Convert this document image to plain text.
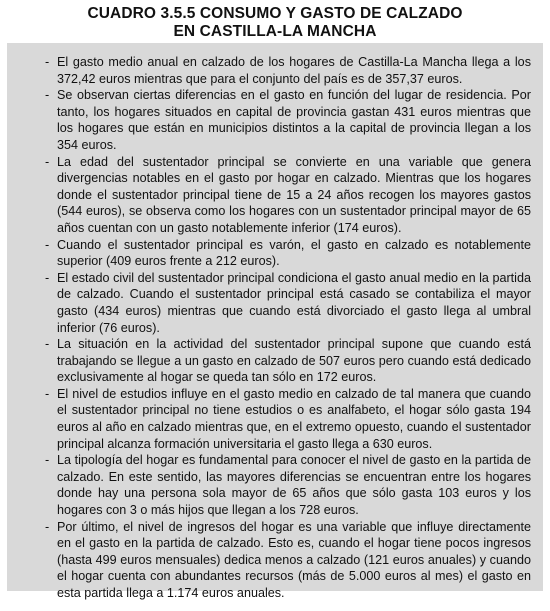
CUADRO 3.5.5 CONSUMO Y GASTO DE CALZADO
EN CASTILLA-LA MANCHA
- El gasto medio anual en calzado de los hogares de Castilla-La Mancha llega a los 372,42 euros mientras que para el conjunto del país es de 357,37 euros.
- Se observan ciertas diferencias en el gasto en función del lugar de residencia. Por tanto, los hogares situados en capital de provincia gastan 431 euros mientras que los hogares que están en municipios distintos a la capital de provincia llegan a los 354 euros.
- La edad del sustentador principal se convierte en una variable que genera divergencias notables en el gasto por hogar en calzado. Mientras que los hogares donde el sustentador principal tiene de 15 a 24 años recogen los mayores gastos (544 euros), se observa como los hogares con un sustentador principal mayor de 65 años cuentan con un gasto notablemente inferior (174 euros).
- Cuando el sustentador principal es varón, el gasto en calzado es notablemente superior (409 euros frente a 212 euros).
- El estado civil del sustentador principal condiciona el gasto anual medio en la partida de calzado. Cuando el sustentador principal está casado se contabiliza el mayor gasto (434 euros) mientras que cuando está divorciado el gasto llega al umbral inferior (76 euros).
- La situación en la actividad del sustentador principal supone que cuando está trabajando se llegue a un gasto en calzado de 507 euros pero cuando está dedicado exclusivamente al hogar se queda tan sólo en 172 euros.
- El nivel de estudios influye en el gasto medio en calzado de tal manera que cuando el sustentador principal no tiene estudios o es analfabeto, el hogar sólo gasta 194 euros al año en calzado mientras que, en el extremo opuesto, cuando el sustentador principal alcanza formación universitaria el gasto llega a 630 euros.
- La tipología del hogar es fundamental para conocer el nivel de gasto en la partida de calzado. En este sentido, las mayores diferencias se encuentran entre los hogares donde hay una persona sola mayor de 65 años que sólo gasta 103 euros y los hogares con 3 o más hijos que llegan a los 728 euros.
- Por último, el nivel de ingresos del hogar es una variable que influye directamente en el gasto en la partida de calzado. Esto es, cuando el hogar tiene pocos ingresos (hasta 499 euros mensuales) dedica menos a calzado (121 euros anuales) y cuando el hogar cuenta con abundantes recursos (más de 5.000 euros al mes) el gasto en esta partida llega a 1.174 euros anuales.
